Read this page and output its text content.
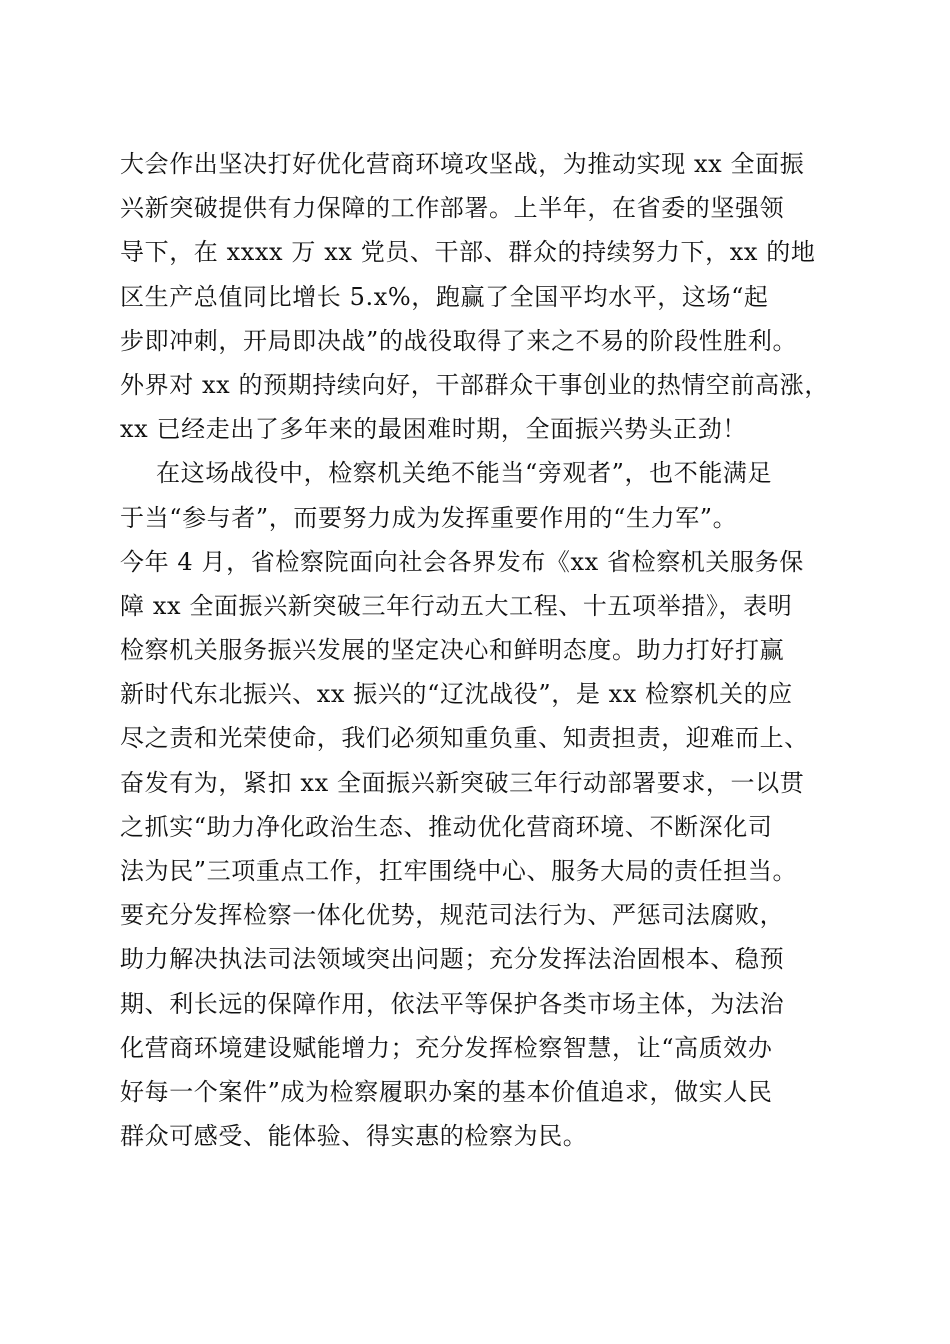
大会作出坚决打好优化营商环境攻坚战，为推动实现 xx 全面振
兴新突破提供有力保障的工作部署。上半年，在省委的坚强领
导下，在 xxxx 万 xx 党员、干部、群众的持续努力下，xx 的地
区生产总值同比增长 5.x%，跑赢了全国平均水平，这场“起
步即冲刺，开局即决战”的战役取得了来之不易的阶段性胜利。
外界对 xx 的预期持续向好，干部群众干事创业的热情空前高涨，
xx 已经走出了多年来的最困难时期，全面振兴势头正劲！
在这场战役中，检察机关绝不能当“旁观者”，也不能满足
于当“参与者”，而要努力成为发挥重要作用的“生力军”。
今年 4 月，省检察院面向社会各界发布《xx 省检察机关服务保
障 xx 全面振兴新突破三年行动五大工程、十五项举措》，表明
检察机关服务振兴发展的坚定决心和鲜明态度。助力打好打赢
新时代东北振兴、xx 振兴的“辽沈战役”，是 xx 检察机关的应
尽之责和光荣使命，我们必须知重负重、知责担责，迎难而上、
奋发有为，紧扣 xx 全面振兴新突破三年行动部署要求，一以贯
之抓实“助力净化政治生态、推动优化营商环境、不断深化司
法为民”三项重点工作，扛牢围绕中心、服务大局的责任担当。
要充分发挥检察一体化优势，规范司法行为、严惩司法腐败，
助力解决执法司法领域突出问题；充分发挥法治固根本、稳预
期、利长远的保障作用，依法平等保护各类市场主体，为法治
化营商环境建设赋能增力；充分发挥检察智慧，让“高质效办
好每一个案件”成为检察履职办案的基本价值追求，做实人民
群众可感受、能体验、得实惠的检察为民。
